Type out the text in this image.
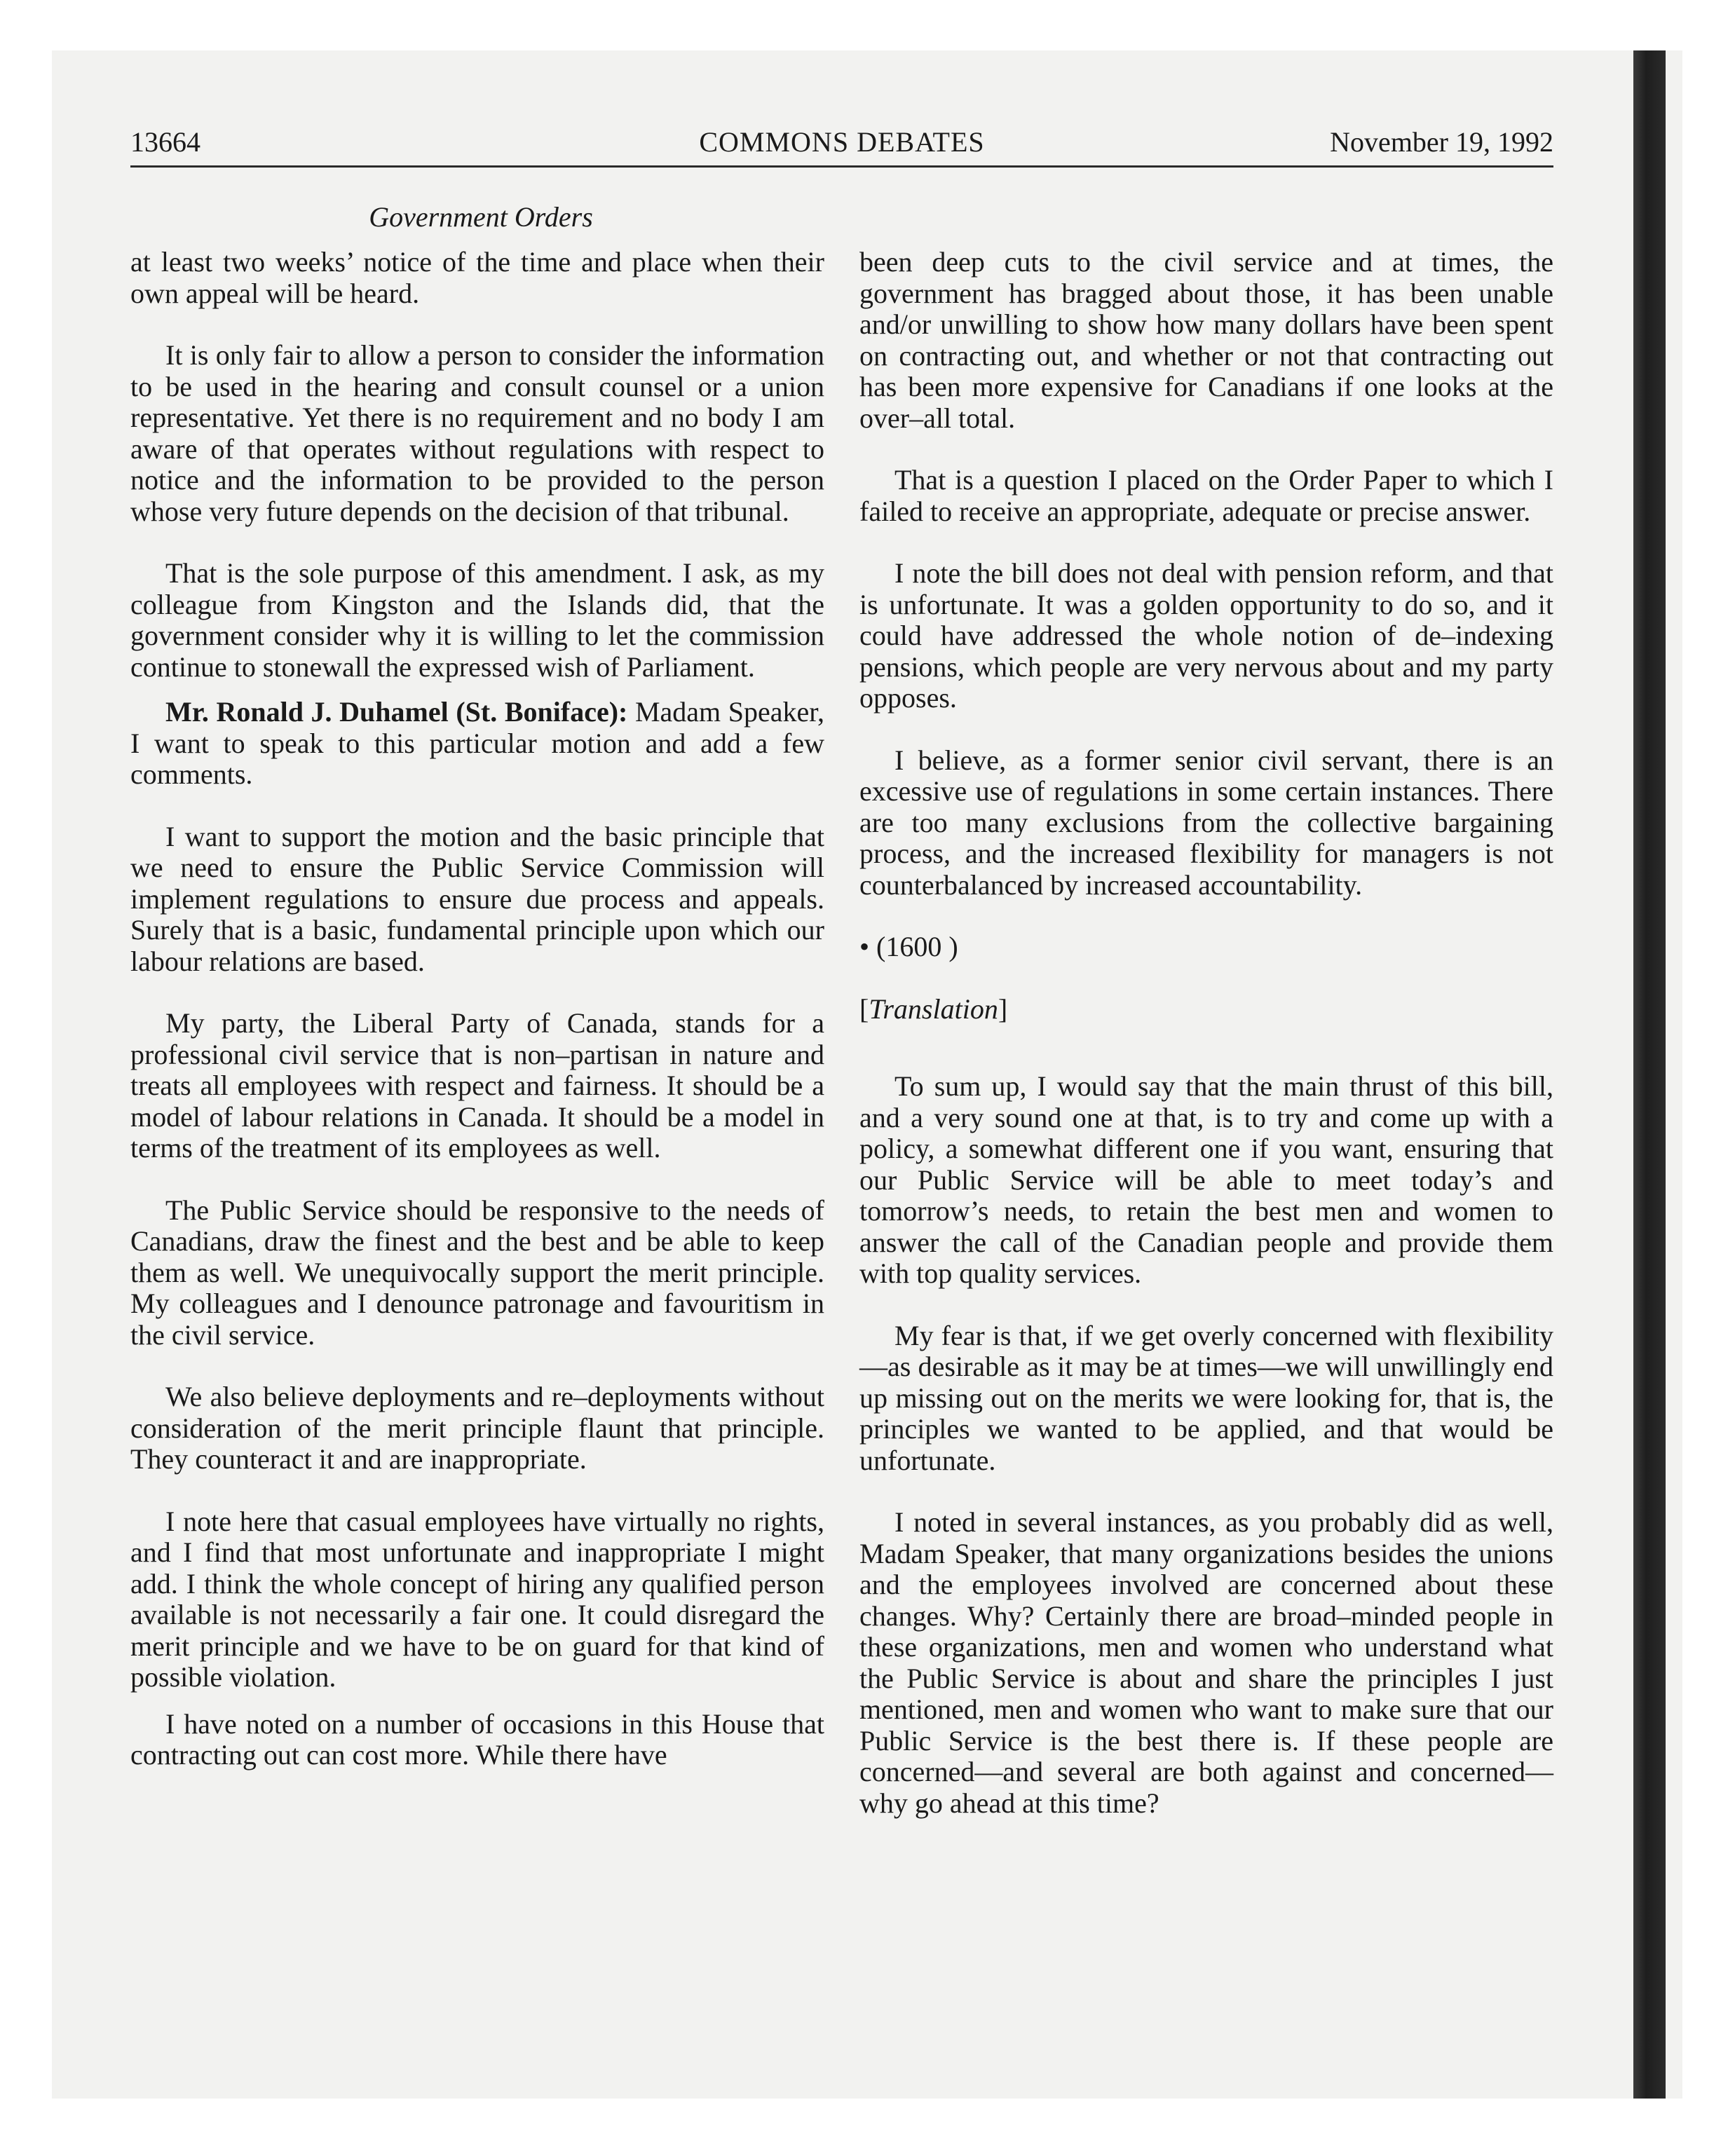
13664	COMMONS DEBATES	November 19, 1992
Government Orders

at least two weeks’ notice of the time and place when their own appeal will be heard.

It is only fair to allow a person to consider the information to be used in the hearing and consult counsel or a union representative. Yet there is no requirement and no body I am aware of that operates without regulations with respect to notice and the information to be provided to the person whose very future depends on the decision of that tribunal.

That is the sole purpose of this amendment. I ask, as my colleague from Kingston and the Islands did, that the government consider why it is willing to let the commission continue to stonewall the expressed wish of Parliament.

Mr. Ronald J. Duhamel (St. Boniface): Madam Speaker, I want to speak to this particular motion and add a few comments.

I want to support the motion and the basic principle that we need to ensure the Public Service Commission will implement regulations to ensure due process and appeals. Surely that is a basic, fundamental principle upon which our labour relations are based.

My party, the Liberal Party of Canada, stands for a professional civil service that is non–partisan in nature and treats all employees with respect and fairness. It should be a model of labour relations in Canada. It should be a model in terms of the treatment of its employees as well.

The Public Service should be responsive to the needs of Canadians, draw the finest and the best and be able to keep them as well. We unequivocally support the merit principle. My colleagues and I denounce patronage and favouritism in the civil service.

We also believe deployments and re–deployments without consideration of the merit principle flaunt that principle. They counteract it and are inappropriate.

I note here that casual employees have virtually no rights, and I find that most unfortunate and inappropriate I might add. I think the whole concept of hiring any qualified person available is not necessarily a fair one. It could disregard the merit principle and we have to be on guard for that kind of possible violation.

I have noted on a number of occasions in this House that contracting out can cost more. While there have

been deep cuts to the civil service and at times, the government has bragged about those, it has been unable and/or unwilling to show how many dollars have been spent on contracting out, and whether or not that contracting out has been more expensive for Canadians if one looks at the over–all total.

That is a question I placed on the Order Paper to which I failed to receive an appropriate, adequate or precise answer.

I note the bill does not deal with pension reform, and that is unfortunate. It was a golden opportunity to do so, and it could have addressed the whole notion of de–indexing pensions, which people are very nervous about and my party opposes.

I believe, as a former senior civil servant, there is an excessive use of regulations in some certain instances. There are too many exclusions from the collective bargaining process, and the increased flexibility for managers is not counterbalanced by increased accountability.

• (1600 )

[Translation]

To sum up, I would say that the main thrust of this bill, and a very sound one at that, is to try and come up with a policy, a somewhat different one if you want, ensuring that our Public Service will be able to meet today’s and tomorrow’s needs, to retain the best men and women to answer the call of the Canadian people and provide them with top quality services.

My fear is that, if we get overly concerned with flexibility—as desirable as it may be at times—we will unwillingly end up missing out on the merits we were looking for, that is, the principles we wanted to be applied, and that would be unfortunate.

I noted in several instances, as you probably did as well, Madam Speaker, that many organizations besides the unions and the employees involved are concerned about these changes. Why? Certainly there are broad–minded people in these organizations, men and women who understand what the Public Service is about and share the principles I just mentioned, men and women who want to make sure that our Public Service is the best there is. If these people are concerned—and several are both against and concerned—why go ahead at this time?
